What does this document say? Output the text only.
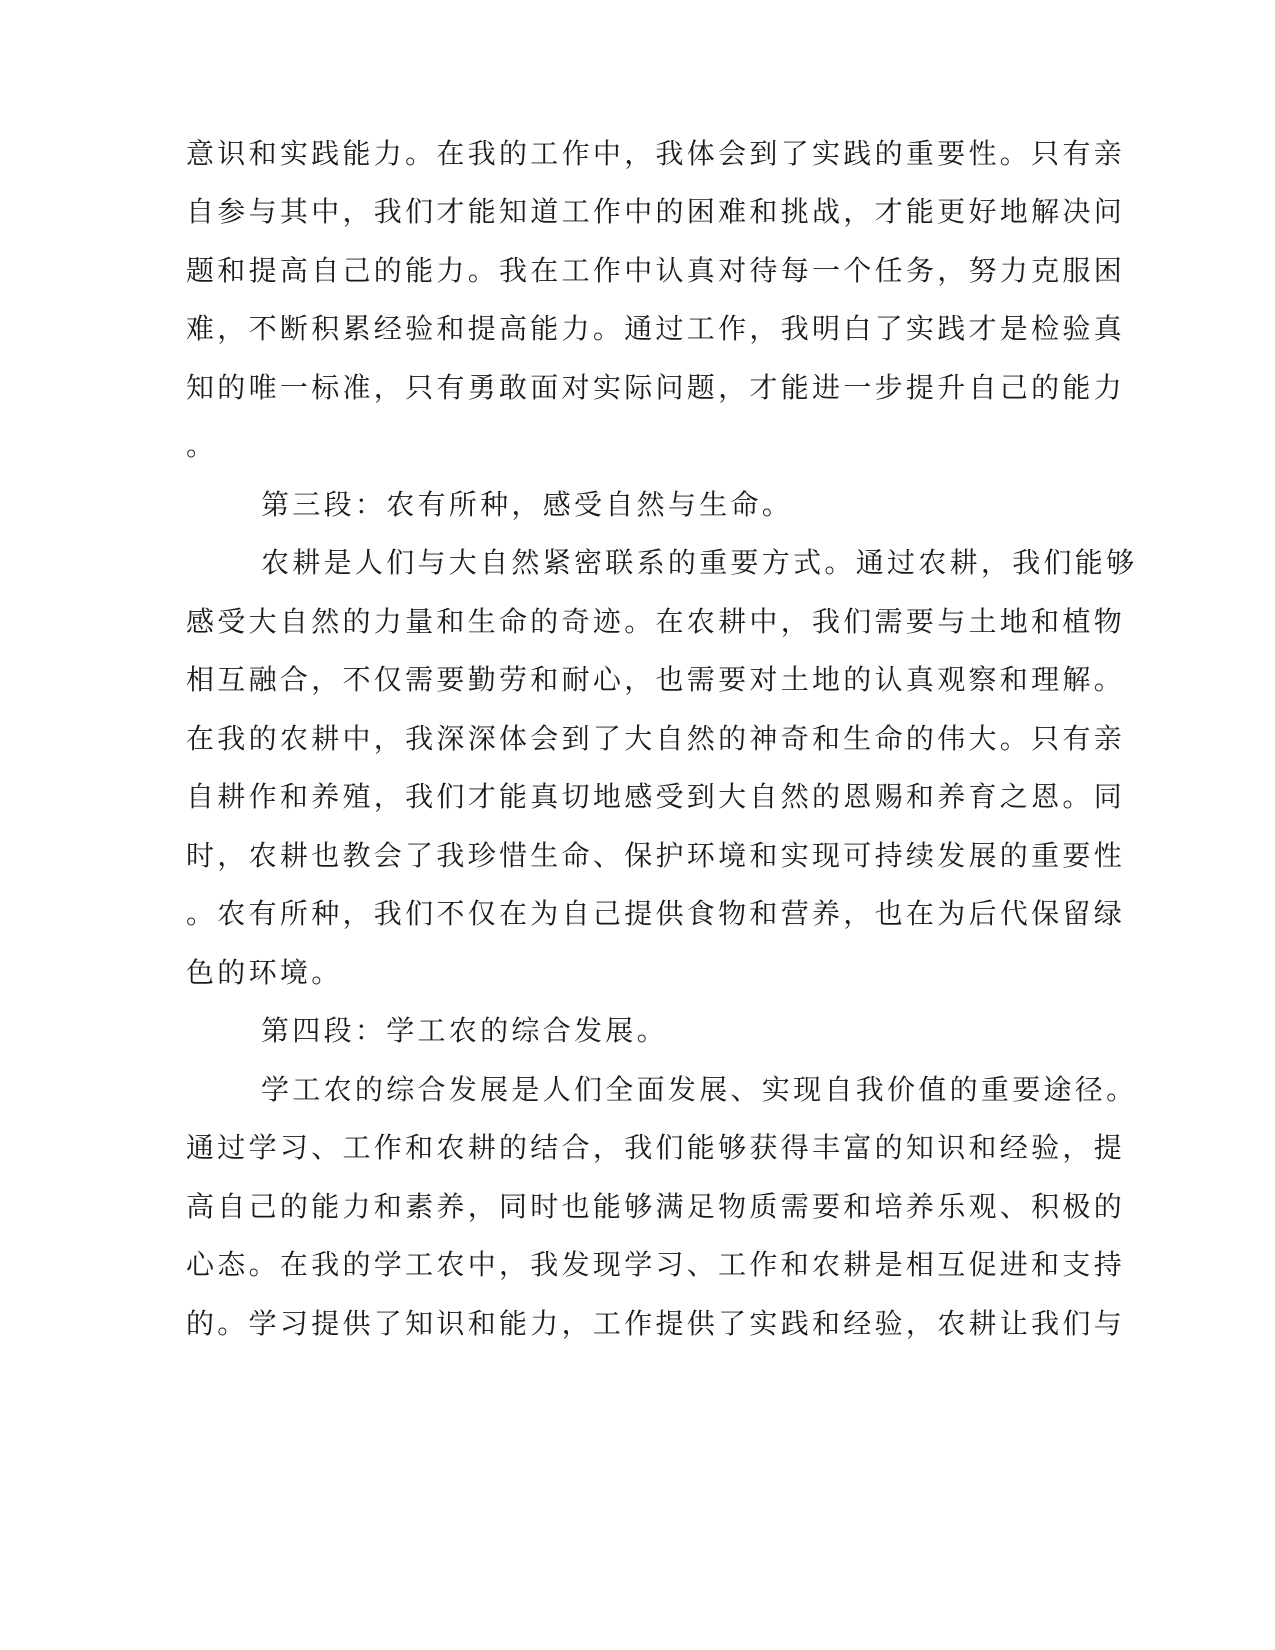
意识和实践能力。在我的工作中，我体会到了实践的重要性。只有亲
自参与其中，我们才能知道工作中的困难和挑战，才能更好地解决问
题和提高自己的能力。我在工作中认真对待每一个任务，努力克服困
难，不断积累经验和提高能力。通过工作，我明白了实践才是检验真
知的唯一标准，只有勇敢面对实际问题，才能进一步提升自己的能力
。
第三段：农有所种，感受自然与生命。
农耕是人们与大自然紧密联系的重要方式。通过农耕，我们能够
感受大自然的力量和生命的奇迹。在农耕中，我们需要与土地和植物
相互融合，不仅需要勤劳和耐心，也需要对土地的认真观察和理解。
在我的农耕中，我深深体会到了大自然的神奇和生命的伟大。只有亲
自耕作和养殖，我们才能真切地感受到大自然的恩赐和养育之恩。同
时，农耕也教会了我珍惜生命、保护环境和实现可持续发展的重要性
。农有所种，我们不仅在为自己提供食物和营养，也在为后代保留绿
色的环境。
第四段：学工农的综合发展。
学工农的综合发展是人们全面发展、实现自我价值的重要途径。
通过学习、工作和农耕的结合，我们能够获得丰富的知识和经验，提
高自己的能力和素养，同时也能够满足物质需要和培养乐观、积极的
心态。在我的学工农中，我发现学习、工作和农耕是相互促进和支持
的。学习提供了知识和能力，工作提供了实践和经验，农耕让我们与
